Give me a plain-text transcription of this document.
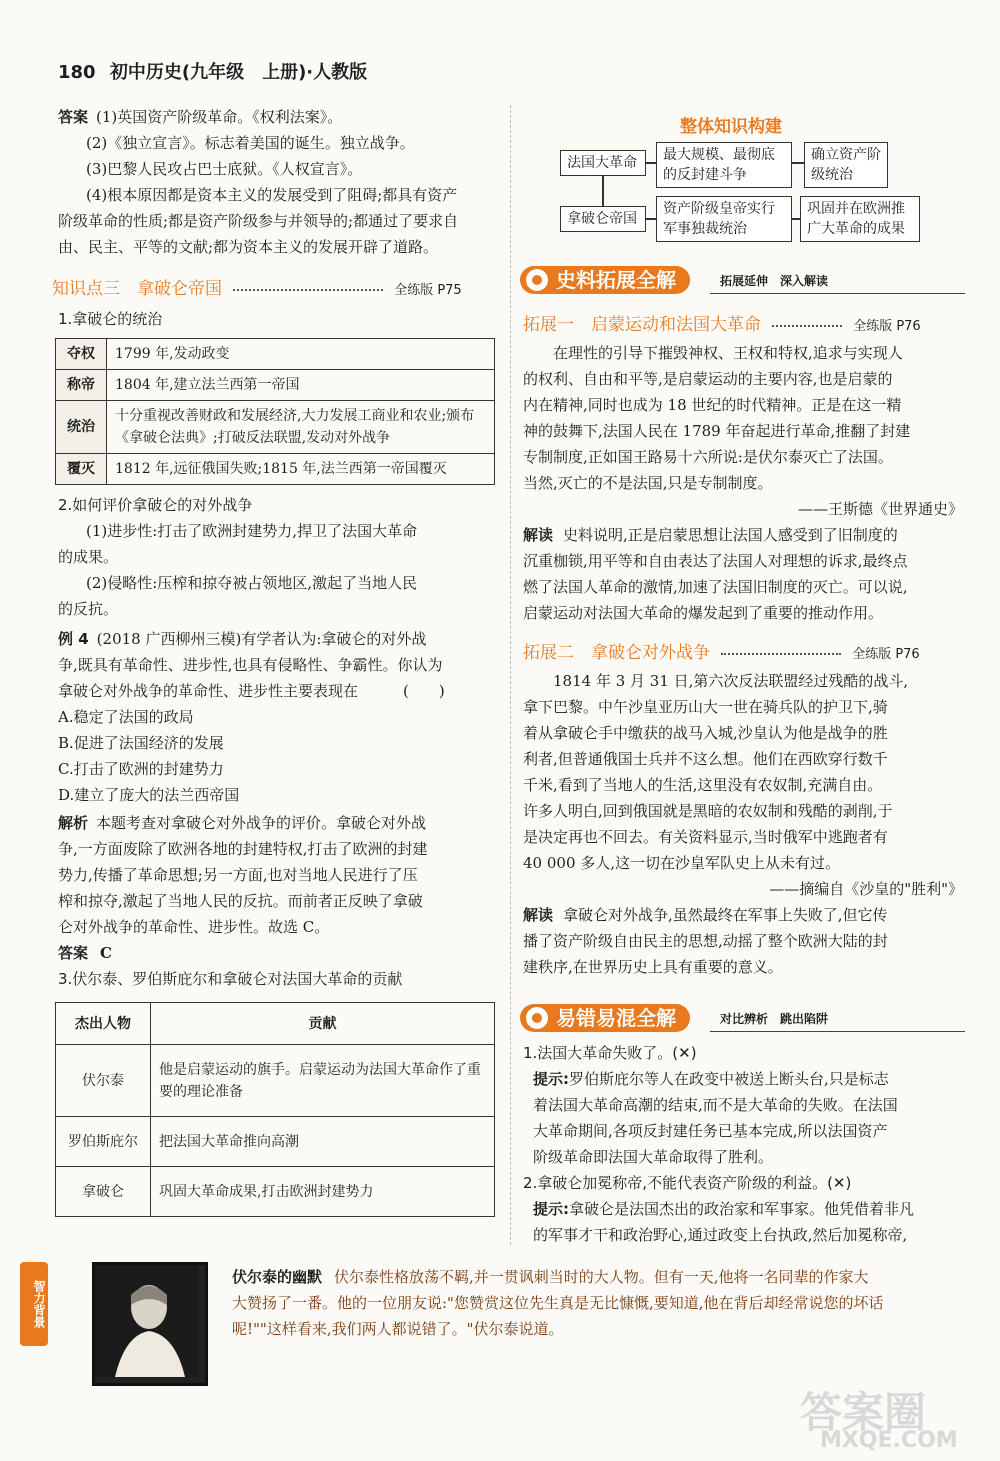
180 初中历史(九年级　上册)·人教版
答案 (1)英国资产阶级革命。《权利法案》。
(2)《独立宣言》。标志着美国的诞生。独立战争。
(3)巴黎人民攻占巴士底狱。《人权宣言》。
(4)根本原因都是资本主义的发展受到了阻碍;都具有资产
阶级革命的性质;都是资产阶级参与并领导的;都通过了要求自
由、民主、平等的文献;都为资本主义的发展开辟了道路。
知识点三　拿破仑帝国	全练版 P75
1.拿破仑的统治
夺权	1799 年,发动政变
称帝	1804 年,建立法兰西第一帝国
统治	十分重视改善财政和发展经济,大力发展工商业和农业;颁布《拿破仑法典》;打破反法联盟,发动对外战争
覆灭	1812 年,远征俄国失败;1815 年,法兰西第一帝国覆灭
2.如何评价拿破仑的对外战争
(1)进步性:打击了欧洲封建势力,捍卫了法国大革命
的成果。
(2)侵略性:压榨和掠夺被占领地区,激起了当地人民
的反抗。
例 4 (2018 广西柳州三模)有学者认为:拿破仑的对外战
争,既具有革命性、进步性,也具有侵略性、争霸性。你认为
拿破仑对外战争的革命性、进步性主要表现在　　　(　　)
A.稳定了法国的政局
B.促进了法国经济的发展
C.打击了欧洲的封建势力
D.建立了庞大的法兰西帝国
解析 本题考查对拿破仑对外战争的评价。拿破仑对外战
争,一方面废除了欧洲各地的封建特权,打击了欧洲的封建
势力,传播了革命思想;另一方面,也对当地人民进行了压
榨和掠夺,激起了当地人民的反抗。而前者正反映了拿破
仑对外战争的革命性、进步性。故选 C。
答案 C
3.伏尔泰、罗伯斯庇尔和拿破仑对法国大革命的贡献
杰出人物	贡献
伏尔泰	他是启蒙运动的旗手。启蒙运动为法国大革命作了重要的理论准备
罗伯斯庇尔	把法国大革命推向高潮
拿破仑	巩固大革命成果,打击欧洲封建势力
整体知识构建
法国大革命	最大规模、最彻底的反封建斗争
确立资产阶级统治
拿破仑帝国
资产阶级皇帝实行军事独裁统治
巩固并在欧洲推广大革命的成果
史料拓展全解	拓展延伸　深入解读
拓展一　启蒙运动和法国大革命	全练版 P76
在理性的引导下摧毁神权、王权和特权,追求与实现人
的权利、自由和平等,是启蒙运动的主要内容,也是启蒙的
内在精神,同时也成为 18 世纪的时代精神。正是在这一精
神的鼓舞下,法国人民在 1789 年奋起进行革命,推翻了封建
专制制度,正如国王路易十六所说:是伏尔泰灭亡了法国。
当然,灭亡的不是法国,只是专制制度。
——王斯德《世界通史》
解读 史料说明,正是启蒙思想让法国人感受到了旧制度的
沉重枷锁,用平等和自由表达了法国人对理想的诉求,最终点
燃了法国人革命的激情,加速了法国旧制度的灭亡。可以说,
启蒙运动对法国大革命的爆发起到了重要的推动作用。
拓展二　拿破仑对外战争	全练版 P76
1814 年 3 月 31 日,第六次反法联盟经过残酷的战斗,
拿下巴黎。中午沙皇亚历山大一世在骑兵队的护卫下,骑
着从拿破仑手中缴获的战马入城,沙皇认为他是战争的胜
利者,但普通俄国士兵并不这么想。他们在西欧穿行数千
千米,看到了当地人的生活,这里没有农奴制,充满自由。
许多人明白,回到俄国就是黑暗的农奴制和残酷的剥削,于
是决定再也不回去。有关资料显示,当时俄军中逃跑者有
40 000 多人,这一切在沙皇军队史上从未有过。
——摘编自《沙皇的"胜利"》
解读 拿破仑对外战争,虽然最终在军事上失败了,但它传
播了资产阶级自由民主的思想,动摇了整个欧洲大陆的封
建秩序,在世界历史上具有重要的意义。
易错易混全解	对比辨析　跳出陷阱
1.法国大革命失败了。(✕)
提示:罗伯斯庇尔等人在政变中被送上断头台,只是标志
着法国大革命高潮的结束,而不是大革命的失败。在法国
大革命期间,各项反封建任务已基本完成,所以法国资产
阶级革命即法国大革命取得了胜利。
2.拿破仑加冕称帝,不能代表资产阶级的利益。(✕)
提示:拿破仑是法国杰出的政治家和军事家。他凭借着非凡
的军事才干和政治野心,通过政变上台执政,然后加冕称帝,
智力背景
伏尔泰的幽默 伏尔泰性格放荡不羁,并一贯讽刺当时的大人物。但有一天,他将一名同辈的作家大
大赞扬了一番。他的一位朋友说:"您赞赏这位先生真是无比慷慨,要知道,他在背后却经常说您的坏话
呢!""这样看来,我们两人都说错了。"伏尔泰说道。
答案圈
MXQE.COM
